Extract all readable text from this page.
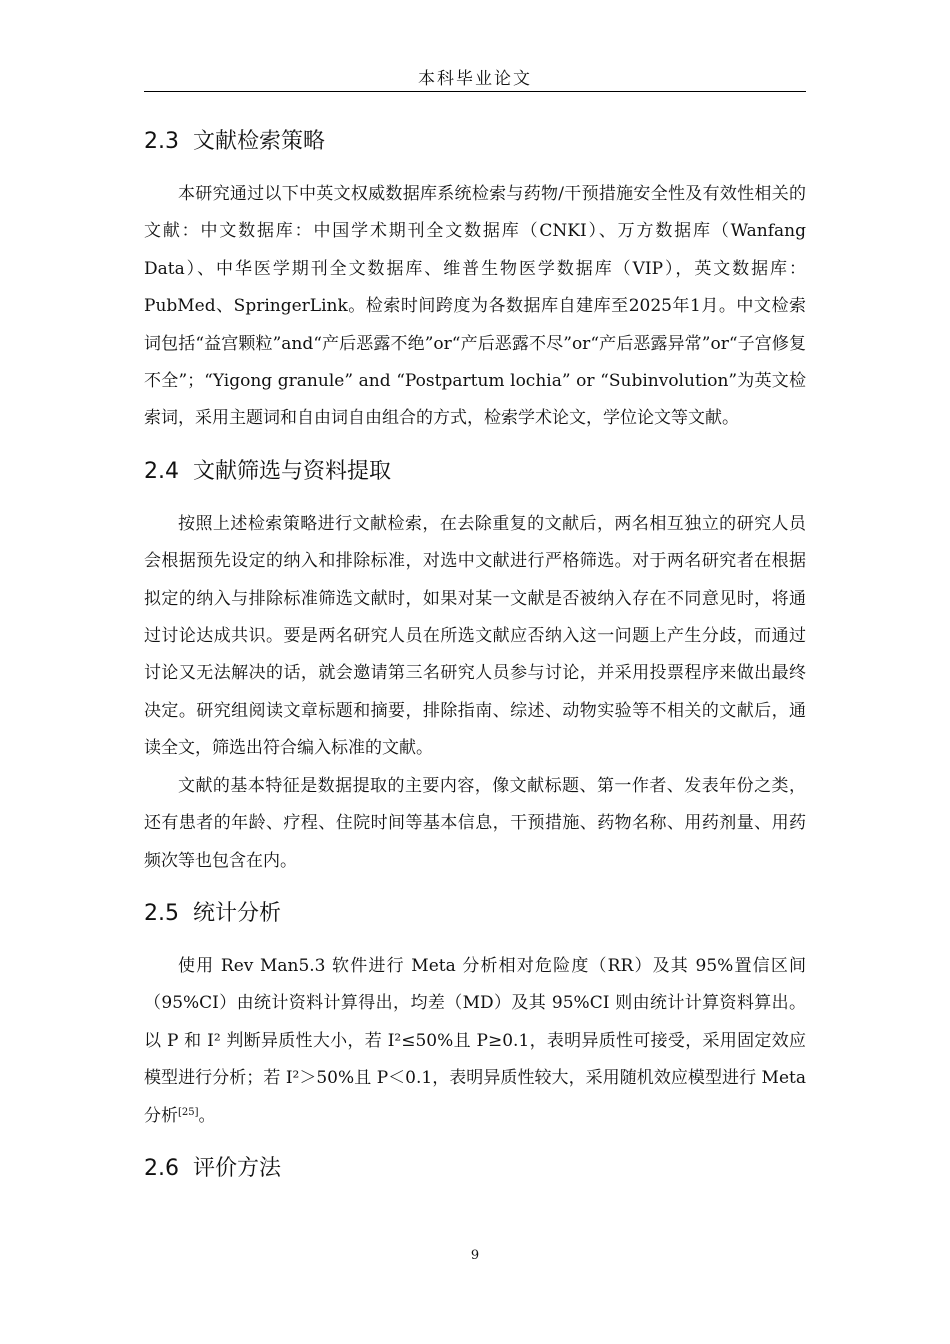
本科毕业论文
2.3 文献检索策略

本研究通过以下中英文权威数据库系统检索与药物/干预措施安全性及有效性相关的文献：中文数据库：中国学术期刊全文数据库（CNKI）、万方数据库（Wanfang Data）、中华医学期刊全文数据库、维普生物医学数据库（VIP），英文数据库：PubMed、SpringerLink。检索时间跨度为各数据库自建库至2025年1月。中文检索词包括“益宫颗粒”and“产后恶露不绝”or“产后恶露不尽”or“产后恶露异常”or“子宫修复不全”；“Yigong granule” and “Postpartum lochia” or “Subinvolution”为英文检索词，采用主题词和自由词自由组合的方式，检索学术论文，学位论文等文献。

2.4 文献筛选与资料提取

按照上述检索策略进行文献检索，在去除重复的文献后，两名相互独立的研究人员会根据预先设定的纳入和排除标准，对选中文献进行严格筛选。对于两名研究者在根据拟定的纳入与排除标准筛选文献时，如果对某一文献是否被纳入存在不同意见时，将通过讨论达成共识。要是两名研究人员在所选文献应否纳入这一问题上产生分歧，而通过讨论又无法解决的话，就会邀请第三名研究人员参与讨论，并采用投票程序来做出最终决定。研究组阅读文章标题和摘要，排除指南、综述、动物实验等不相关的文献后，通读全文，筛选出符合编入标准的文献。

文献的基本特征是数据提取的主要内容，像文献标题、第一作者、发表年份之类，还有患者的年龄、疗程、住院时间等基本信息，干预措施、药物名称、用药剂量、用药频次等也包含在内。

2.5 统计分析

使用 Rev Man5.3 软件进行 Meta 分析相对危险度（RR）及其 95%置信区间（95%CI）由统计资料计算得出，均差（MD）及其 95%CI 则由统计计算资料算出。以 P 和 I² 判断异质性大小，若 I²≤50%且 P≥0.1，表明异质性可接受，采用固定效应模型进行分析；若 I²＞50%且 P＜0.1，表明异质性较大，采用随机效应模型进行 Meta 分析[25]。

2.6 评价方法
9
